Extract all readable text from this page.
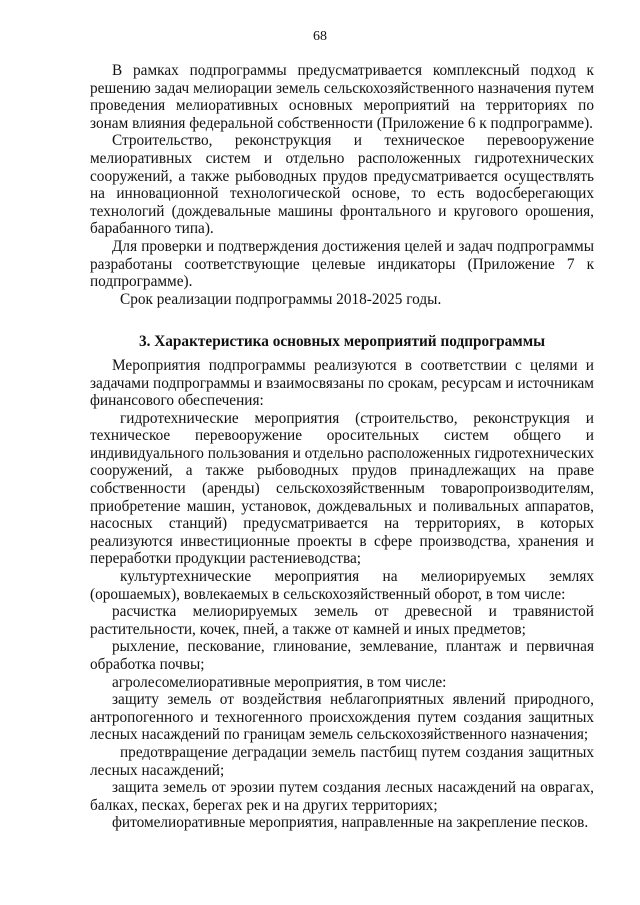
68

В рамках подпрограммы предусматривается комплексный подход к решению задач мелиорации земель сельскохозяйственного назначения путем проведения мелиоративных основных мероприятий на территориях по зонам влияния федеральной собственности (Приложение 6 к подпрограмме).

Строительство, реконструкция и техническое перевооружение мелиоративных систем и отдельно расположенных гидротехнических сооружений, а также рыбоводных прудов предусматривается осуществлять на инновационной технологической основе, то есть водосберегающих технологий (дождевальные машины фронтального и кругового орошения, барабанного типа).

Для проверки и подтверждения достижения целей и задач подпрограммы разработаны соответствующие целевые индикаторы (Приложение 7 к подпрограмме).

Срок реализации подпрограммы 2018-2025 годы.

3. Характеристика основных мероприятий подпрограммы

Мероприятия подпрограммы реализуются в соответствии с целями и задачами подпрограммы и взаимосвязаны по срокам, ресурсам и источникам финансового обеспечения:

гидротехнические мероприятия (строительство, реконструкция и техническое перевооружение оросительных систем общего и индивидуального пользования и отдельно расположенных гидротехнических сооружений, а также рыбоводных прудов принадлежащих на праве собственности (аренды) сельскохозяйственным товаропроизводителям, приобретение машин, установок, дождевальных и поливальных аппаратов, насосных станций) предусматривается на территориях, в которых реализуются инвестиционные проекты в сфере производства, хранения и переработки продукции растениеводства;

культуртехнические мероприятия на мелиорируемых землях (орошаемых), вовлекаемых в сельскохозяйственный оборот, в том числе:

расчистка мелиорируемых земель от древесной и травянистой растительности, кочек, пней, а также от камней и иных предметов;

рыхление, пескование, глинование, землевание, плантаж и первичная обработка почвы;

агролесомелиоративные мероприятия, в том числе:

защиту земель от воздействия неблагоприятных явлений природного, антропогенного и техногенного происхождения путем создания защитных лесных насаждений по границам земель сельскохозяйственного назначения;

предотвращение деградации земель пастбищ путем создания защитных лесных насаждений;

защита земель от эрозии путем создания лесных насаждений на оврагах, балках, песках, берегах рек и на других территориях;

фитомелиоративные мероприятия, направленные на закрепление песков.
